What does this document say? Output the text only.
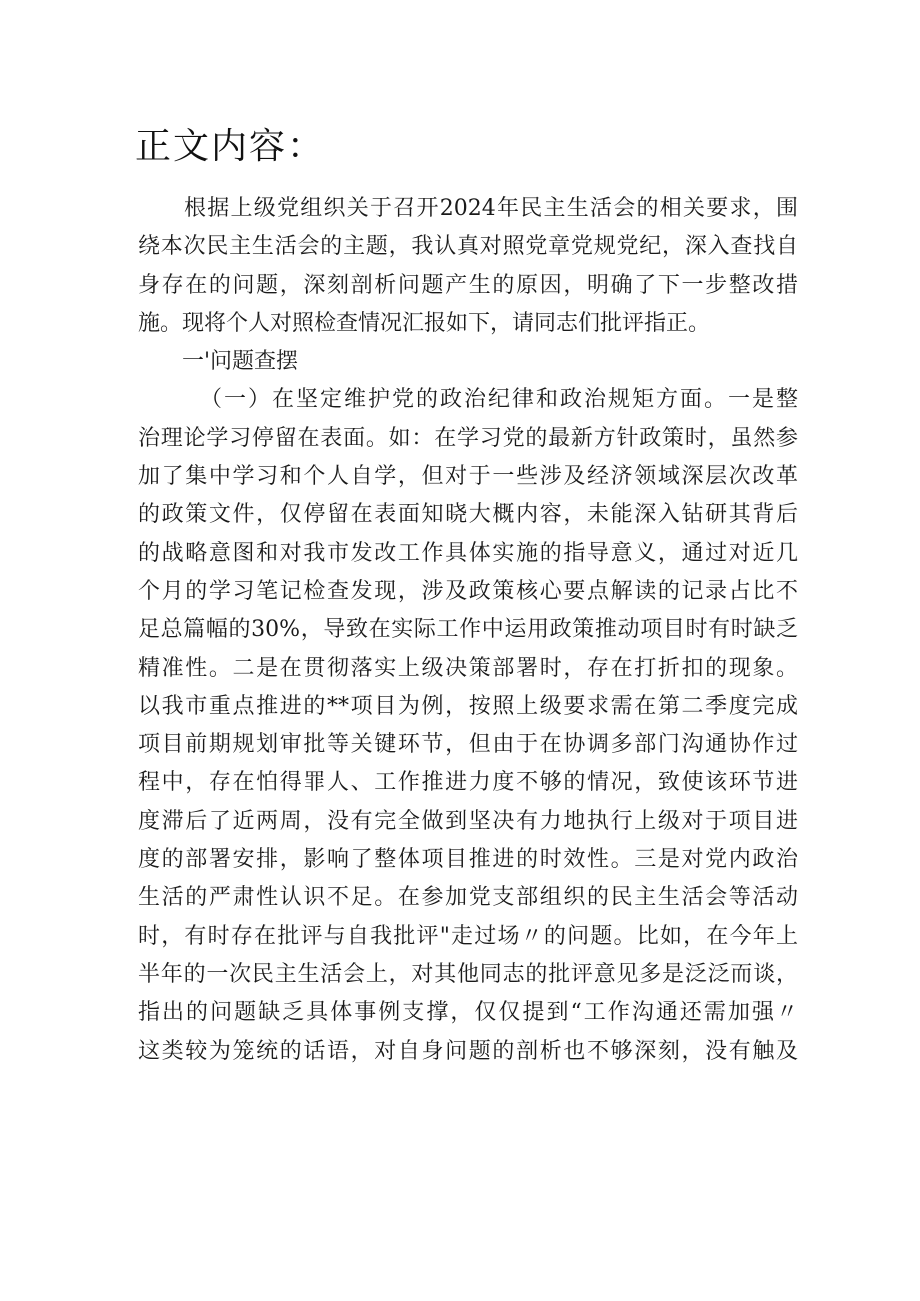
正文内容：
根据上级党组织关于召开2024年民主生活会的相关要求，围
绕本次民主生活会的主题，我认真对照党章党规党纪，深入查找自
身存在的问题，深刻剖析问题产生的原因，明确了下一步整改措
施。现将个人对照检查情况汇报如下，请同志们批评指正。
一'问题查摆
（一）在坚定维护党的政治纪律和政治规矩方面。一是整
治理论学习停留在表面。如：在学习党的最新方针政策时，虽然参
加了集中学习和个人自学，但对于一些涉及经济领域深层次改革
的政策文件，仅停留在表面知晓大概内容，未能深入钻研其背后
的战略意图和对我市发改工作具体实施的指导意义，通过对近几
个月的学习笔记检查发现，涉及政策核心要点解读的记录占比不
足总篇幅的30%，导致在实际工作中运用政策推动项目时有时缺乏
精准性。二是在贯彻落实上级决策部署时，存在打折扣的现象。
以我市重点推进的**项目为例，按照上级要求需在第二季度完成
项目前期规划审批等关键环节，但由于在协调多部门沟通协作过
程中，存在怕得罪人、工作推进力度不够的情况，致使该环节进
度滞后了近两周，没有完全做到坚决有力地执行上级对于项目进
度的部署安排，影响了整体项目推进的时效性。三是对党内政治
生活的严肃性认识不足。在参加党支部组织的民主生活会等活动
时，有时存在批评与自我批评"走过场〃的问题。比如，在今年上
半年的一次民主生活会上，对其他同志的批评意见多是泛泛而谈，
指出的问题缺乏具体事例支撑，仅仅提到“工作沟通还需加强〃
这类较为笼统的话语，对自身问题的剖析也不够深刻，没有触及
